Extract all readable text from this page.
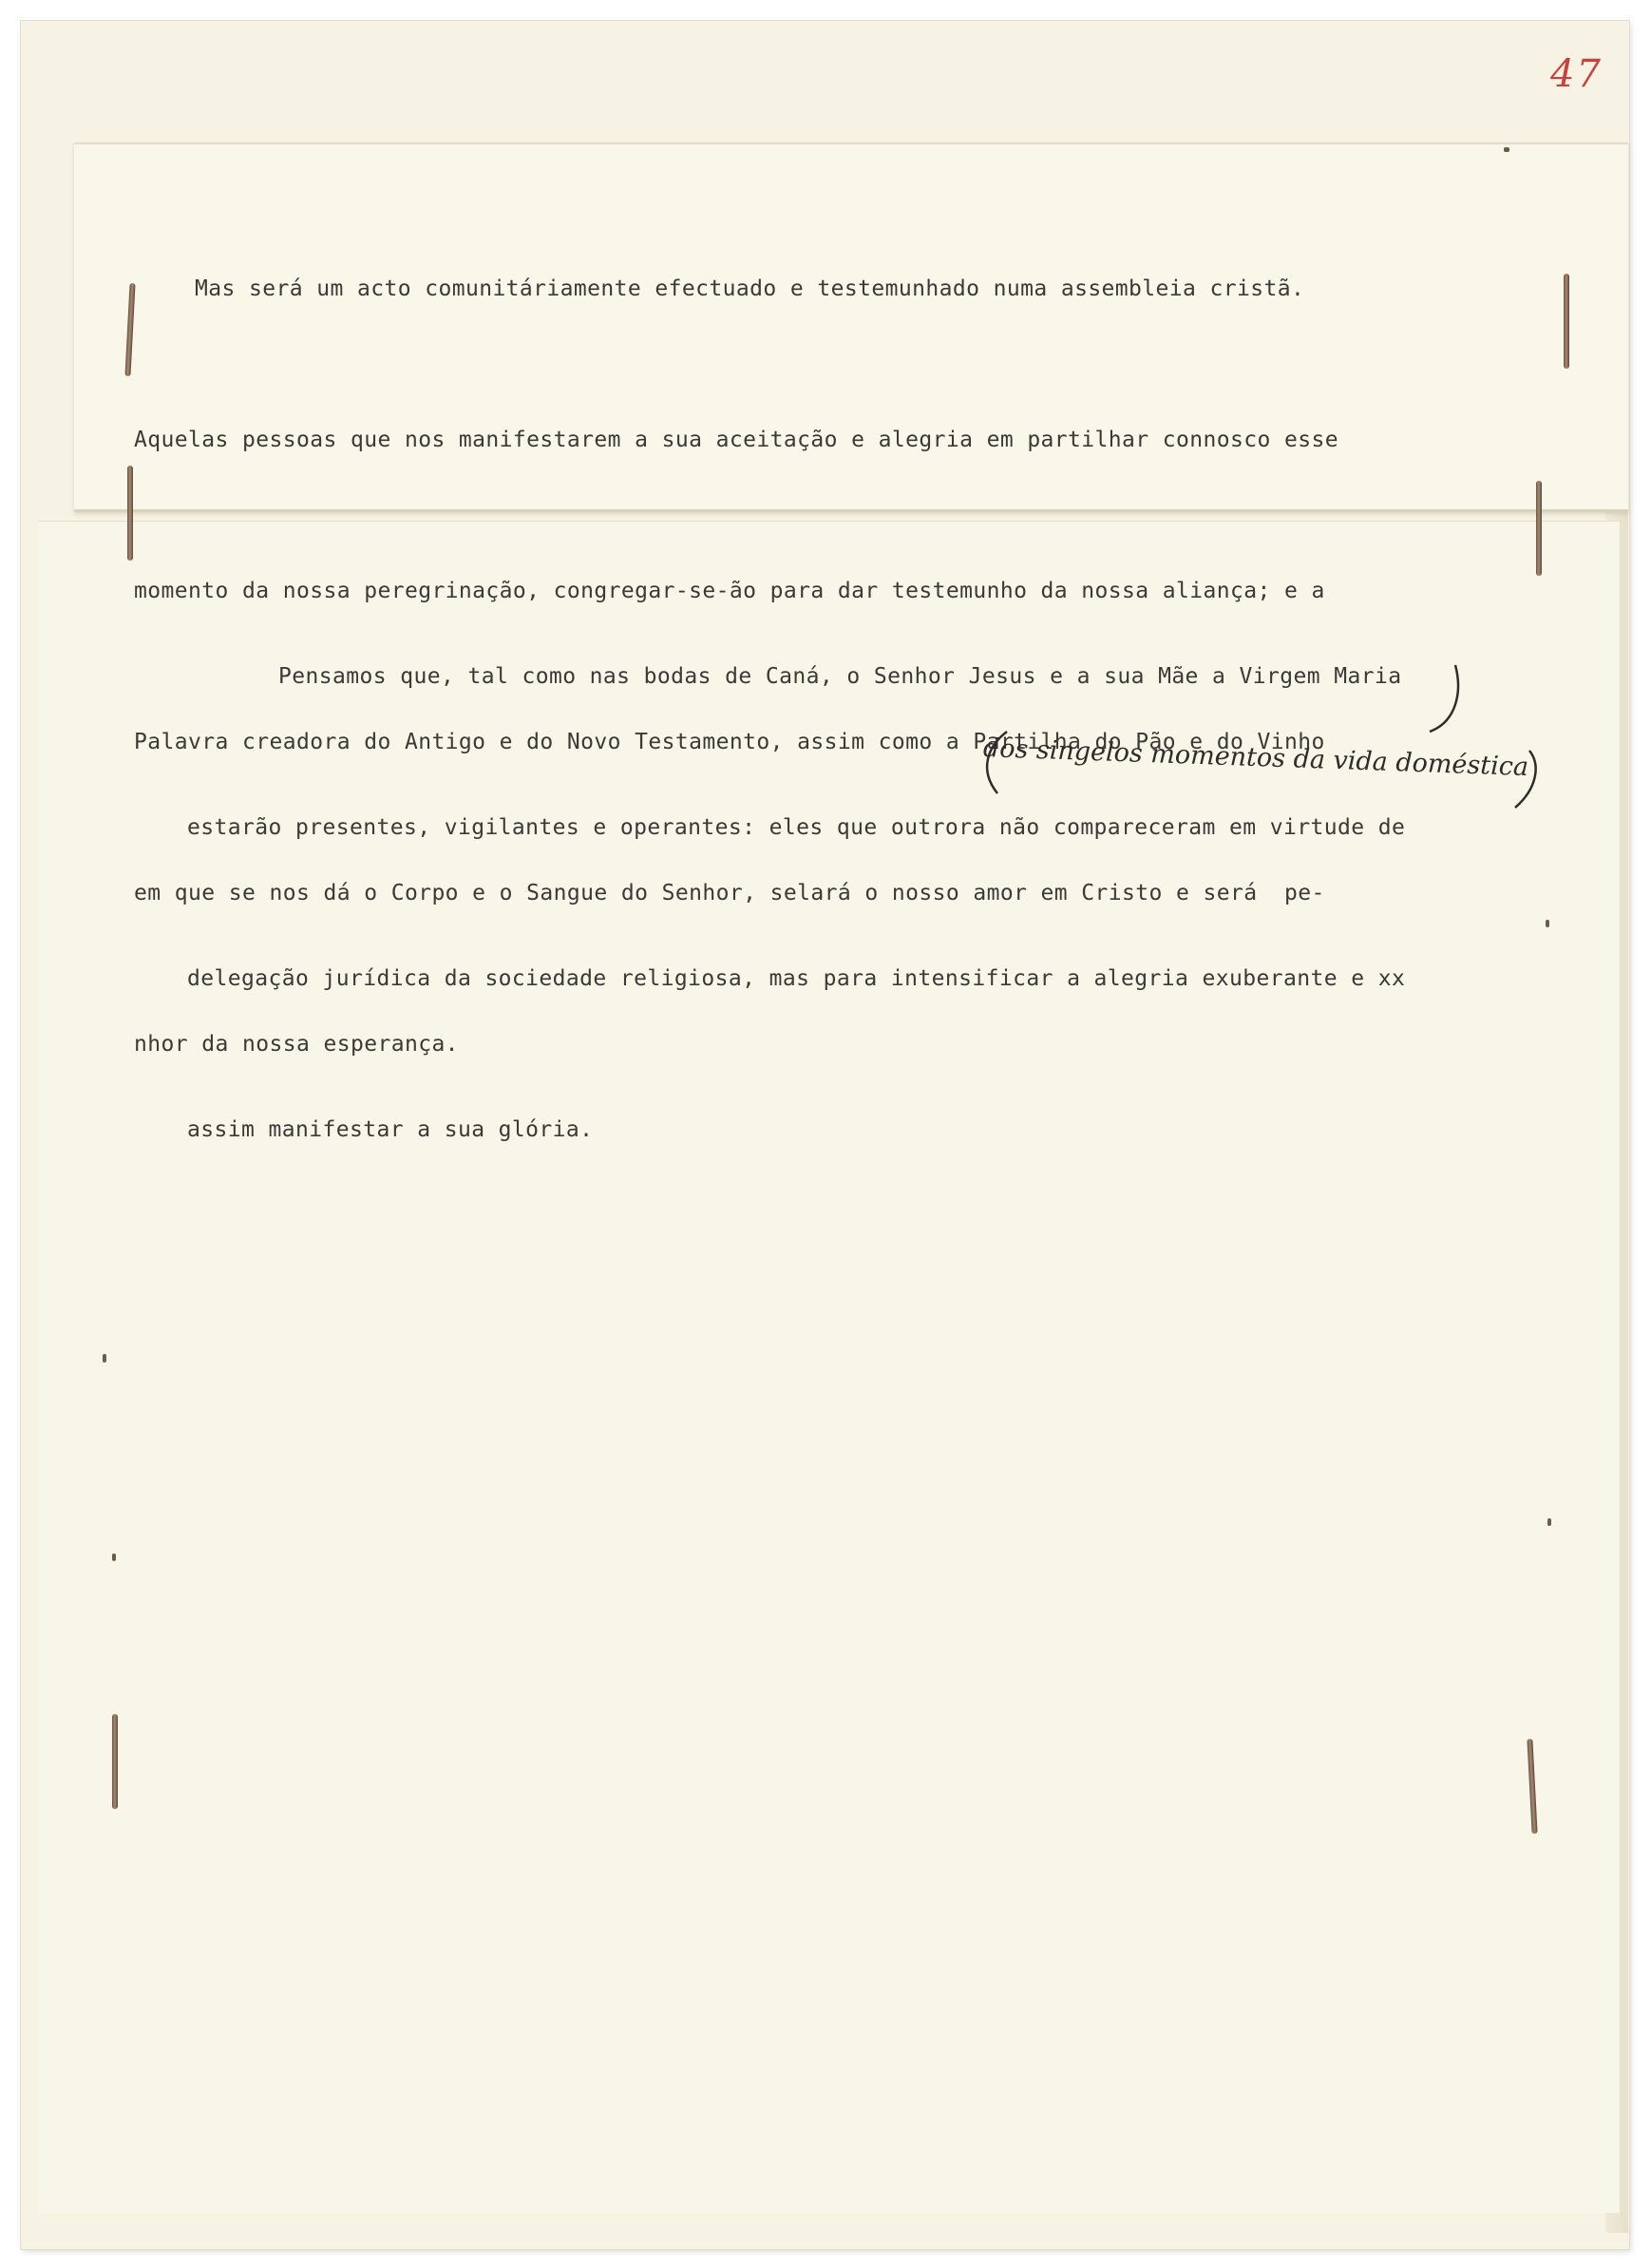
47

Mas será um acto comunitáriamente efectuado e testemunhado numa assembleia cristã.

Aquelas pessoas que nos manifestarem a sua aceitação e alegria em partilhar connosco esse

momento da nossa peregrinação, congregar-se-ão para dar testemunho da nossa aliança; e a

Palavra creadora do Antigo e do Novo Testamento, assim como a Partilha do Pão e do Vinho

em que se nos dá o Corpo e o Sangue do Senhor, selará o nosso amor em Cristo e será  pe-

nhor da nossa esperança.

Pensamos que, tal como nas bodas de Caná, o Senhor Jesus e a sua Mãe a Virgem Maria

estarão presentes, vigilantes e operantes: eles que outrora não compareceram em virtude de

delegação jurídica da sociedade religiosa, mas para intensificar a alegria exuberante e xx

assim manifestar a sua glória.

dos singelos momentos da vida doméstica
